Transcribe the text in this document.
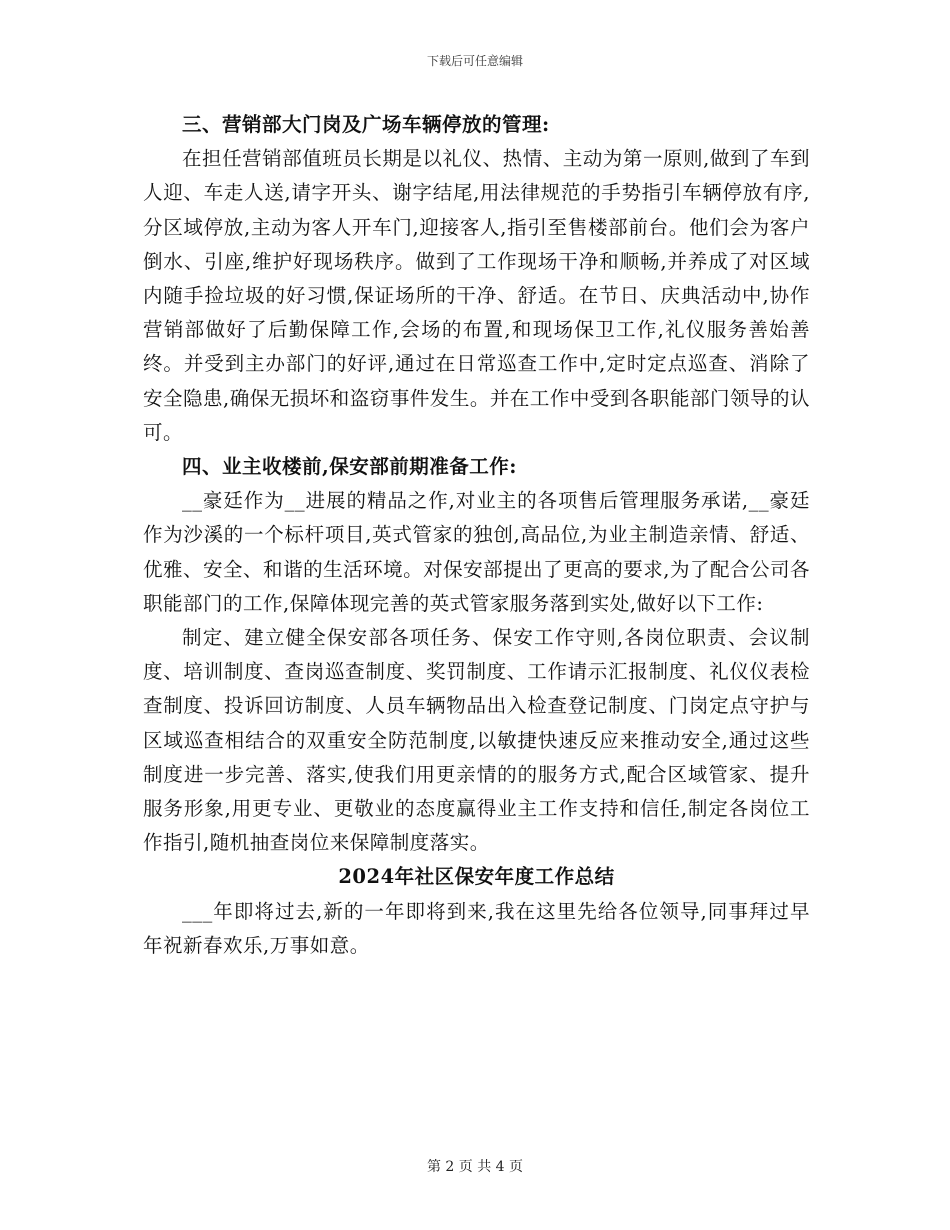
下载后可任意编辑

三、营销部大门岗及广场车辆停放的管理:

在担任营销部值班员长期是以礼仪、热情、主动为第一原则,做到了车到人迎、车走人送,请字开头、谢字结尾,用法律规范的手势指引车辆停放有序,分区域停放,主动为客人开车门,迎接客人,指引至售楼部前台。他们会为客户倒水、引座,维护好现场秩序。做到了工作现场干净和顺畅,并养成了对区域内随手捡垃圾的好习惯,保证场所的干净、舒适。在节日、庆典活动中,协作营销部做好了后勤保障工作,会场的布置,和现场保卫工作,礼仪服务善始善终。并受到主办部门的好评,通过在日常巡查工作中,定时定点巡查、消除了安全隐患,确保无损坏和盗窃事件发生。并在工作中受到各职能部门领导的认可。

四、业主收楼前,保安部前期准备工作:

__豪廷作为__进展的精品之作,对业主的各项售后管理服务承诺,__豪廷作为沙溪的一个标杆项目,英式管家的独创,高品位,为业主制造亲情、舒适、优雅、安全、和谐的生活环境。对保安部提出了更高的要求,为了配合公司各职能部门的工作,保障体现完善的英式管家服务落到实处,做好以下工作:

制定、建立健全保安部各项任务、保安工作守则,各岗位职责、会议制度、培训制度、查岗巡查制度、奖罚制度、工作请示汇报制度、礼仪仪表检查制度、投诉回访制度、人员车辆物品出入检查登记制度、门岗定点守护与区域巡查相结合的双重安全防范制度,以敏捷快速反应来推动安全,通过这些制度进一步完善、落实,使我们用更亲情的的服务方式,配合区域管家、提升服务形象,用更专业、更敬业的态度赢得业主工作支持和信任,制定各岗位工作指引,随机抽查岗位来保障制度落实。

2024年社区保安年度工作总结

___年即将过去,新的一年即将到来,我在这里先给各位领导,同事拜过早年祝新春欢乐,万事如意。

第 2 页 共 4 页
